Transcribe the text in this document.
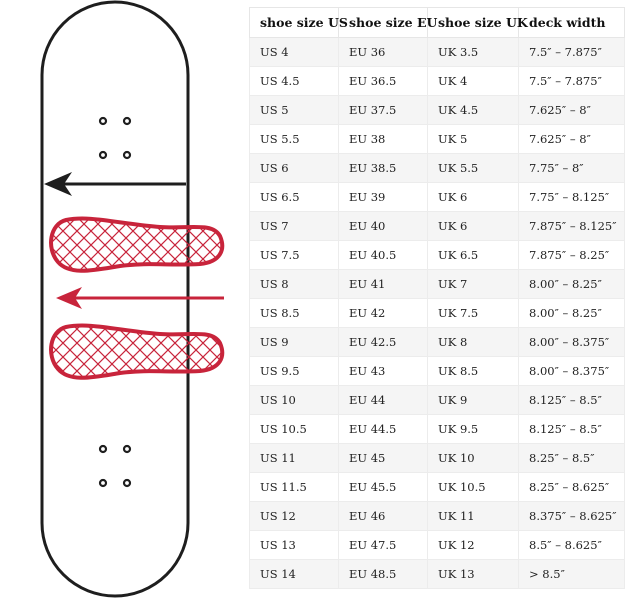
shoe size US	shoe size EU	shoe size UK	deck width
US 4	EU 36	UK 3.5	7.5″ – 7.875″
US 4.5	EU 36.5	UK 4	7.5″ – 7.875″
US 5	EU 37.5	UK 4.5	7.625″ – 8″
US 5.5	EU 38	UK 5	7.625″ – 8″
US 6	EU 38.5	UK 5.5	7.75″ – 8″
US 6.5	EU 39	UK 6	7.75″ – 8.125″
US 7	EU 40	UK 6	7.875″ – 8.125″
US 7.5	EU 40.5	UK 6.5	7.875″ – 8.25″
US 8	EU 41	UK 7	8.00″ – 8.25″
US 8.5	EU 42	UK 7.5	8.00″ – 8.25″
US 9	EU 42.5	UK 8	8.00″ – 8.375″
US 9.5	EU 43	UK 8.5	8.00″ – 8.375″
US 10	EU 44	UK 9	8.125″ – 8.5″
US 10.5	EU 44.5	UK 9.5	8.125″ – 8.5″
US 11	EU 45	UK 10	8.25″ – 8.5″
US 11.5	EU 45.5	UK 10.5	8.25″ – 8.625″
US 12	EU 46	UK 11	8.375″ – 8.625″
US 13	EU 47.5	UK 12	8.5″ – 8.625″
US 14	EU 48.5	UK 13	> 8.5″
